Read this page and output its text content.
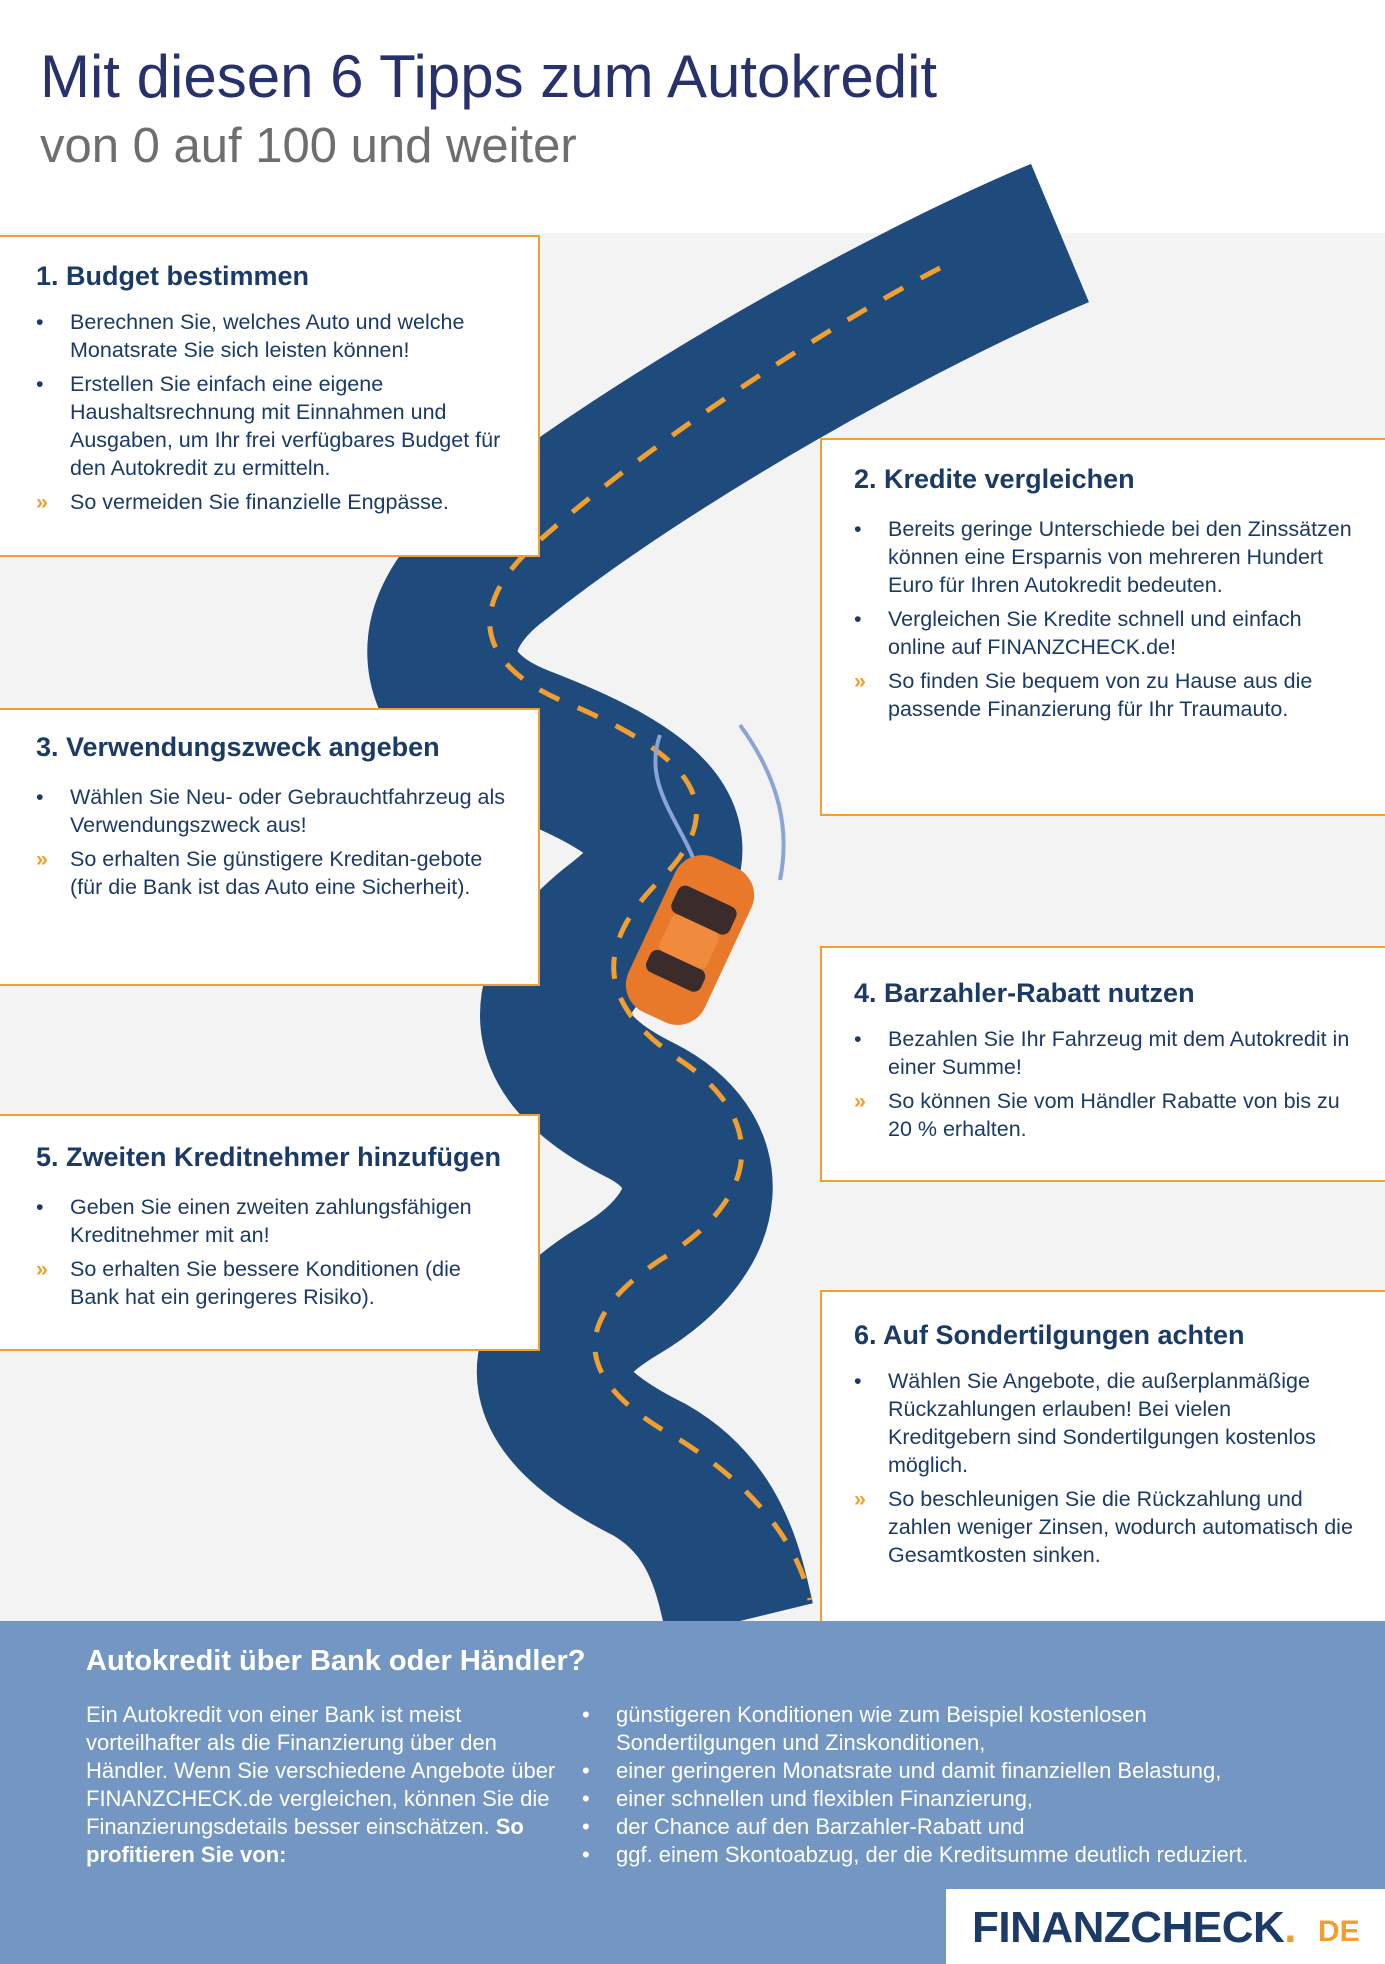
Mit diesen 6 Tipps zum Autokredit
von 0 auf 100 und weiter
1. Budget bestimmen
•	Berechnen Sie, welches Auto und welche Monatsrate Sie sich leisten können!
•	Erstellen Sie einfach eine eigene Haushaltsrechnung mit Einnahmen und Ausgaben, um Ihr frei verfügbares Budget für den Autokredit zu ermitteln.
»	So vermeiden Sie finanzielle Engpässe.
2. Kredite vergleichen
•	Bereits geringe Unterschiede bei den Zinssätzen können eine Ersparnis von mehreren Hundert Euro für Ihren Autokredit bedeuten.
•	Vergleichen Sie Kredite schnell und einfach online auf FINANZCHECK.de!
»	So finden Sie bequem von zu Hause aus die passende Finanzierung für Ihr Traumauto.
3. Verwendungszweck angeben
•	Wählen Sie Neu- oder Gebrauchtfahrzeug als Verwendungszweck aus!
»	So erhalten Sie günstigere Kreditan-gebote (für die Bank ist das Auto eine Sicherheit).
4. Barzahler-Rabatt nutzen
•	Bezahlen Sie Ihr Fahrzeug mit dem Autokredit in einer Summe!
»	So können Sie vom Händler Rabatte von bis zu 20 % erhalten.
5. Zweiten Kreditnehmer hinzufügen
•	Geben Sie einen zweiten zahlungsfähigen Kreditnehmer mit an!
»	So erhalten Sie bessere Konditionen (die Bank hat ein geringeres Risiko).
6. Auf Sondertilgungen achten
•	Wählen Sie Angebote, die außerplanmäßige Rückzahlungen erlauben! Bei vielen Kreditgebern sind Sondertilgungen kostenlos möglich.
»	So beschleunigen Sie die Rückzahlung und zahlen weniger Zinsen, wodurch automatisch die Gesamtkosten sinken.
Autokredit über Bank oder Händler?
Ein Autokredit von einer Bank ist meist vorteilhafter als die Finanzierung über den Händler. Wenn Sie verschiedene Angebote über FINANZCHECK.de vergleichen, können Sie die Finanzierungsdetails besser einschätzen. So profitieren Sie von:
• günstigeren Konditionen wie zum Beispiel kostenlosen Sondertilgungen und Zinskonditionen,
• einer geringeren Monatsrate und damit finanziellen Belastung,
• einer schnellen und flexiblen Finanzierung,
• der Chance auf den Barzahler-Rabatt und
• ggf. einem Skontoabzug, der die Kreditsumme deutlich reduziert.
FINANZCHECK. DE
